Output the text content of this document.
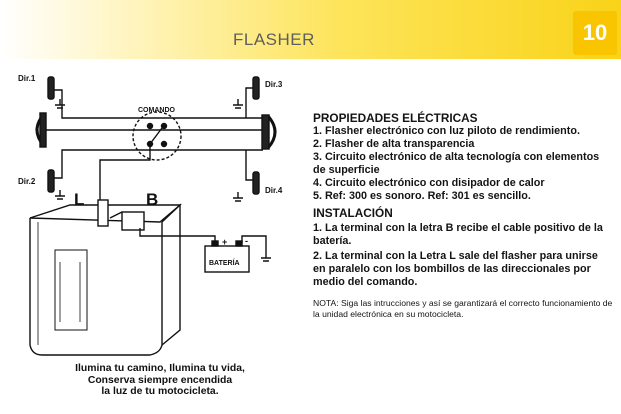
FLASHER	10
Dir.1
Dir.3
Dir.2
Dir.4
COMANDO
L	B
BATERÍA
+ -
PROPIEDADES ELÉCTRICAS
1. Flasher electrónico con luz piloto de rendimiento.
2. Flasher de alta transparencia
3. Circuito electrónico de alta tecnología con elementos de superficie
4. Circuito electrónico con disipador de calor
5. Ref: 300 es sonoro. Ref: 301 es sencillo.
INSTALACIÓN
1. La terminal con la letra B recibe el cable positivo de la batería.
2. La terminal con la Letra L sale del flasher para unirse en paralelo con los bombillos de las direccionales por medio del comando.
NOTA: Siga las intrucciones y así se garantizará el correcto funcionamiento de la unidad electrónica en su motocicleta.
Ilumina tu camino, Ilumina tu vida,
Conserva siempre encendida
la luz de tu motocicleta.
